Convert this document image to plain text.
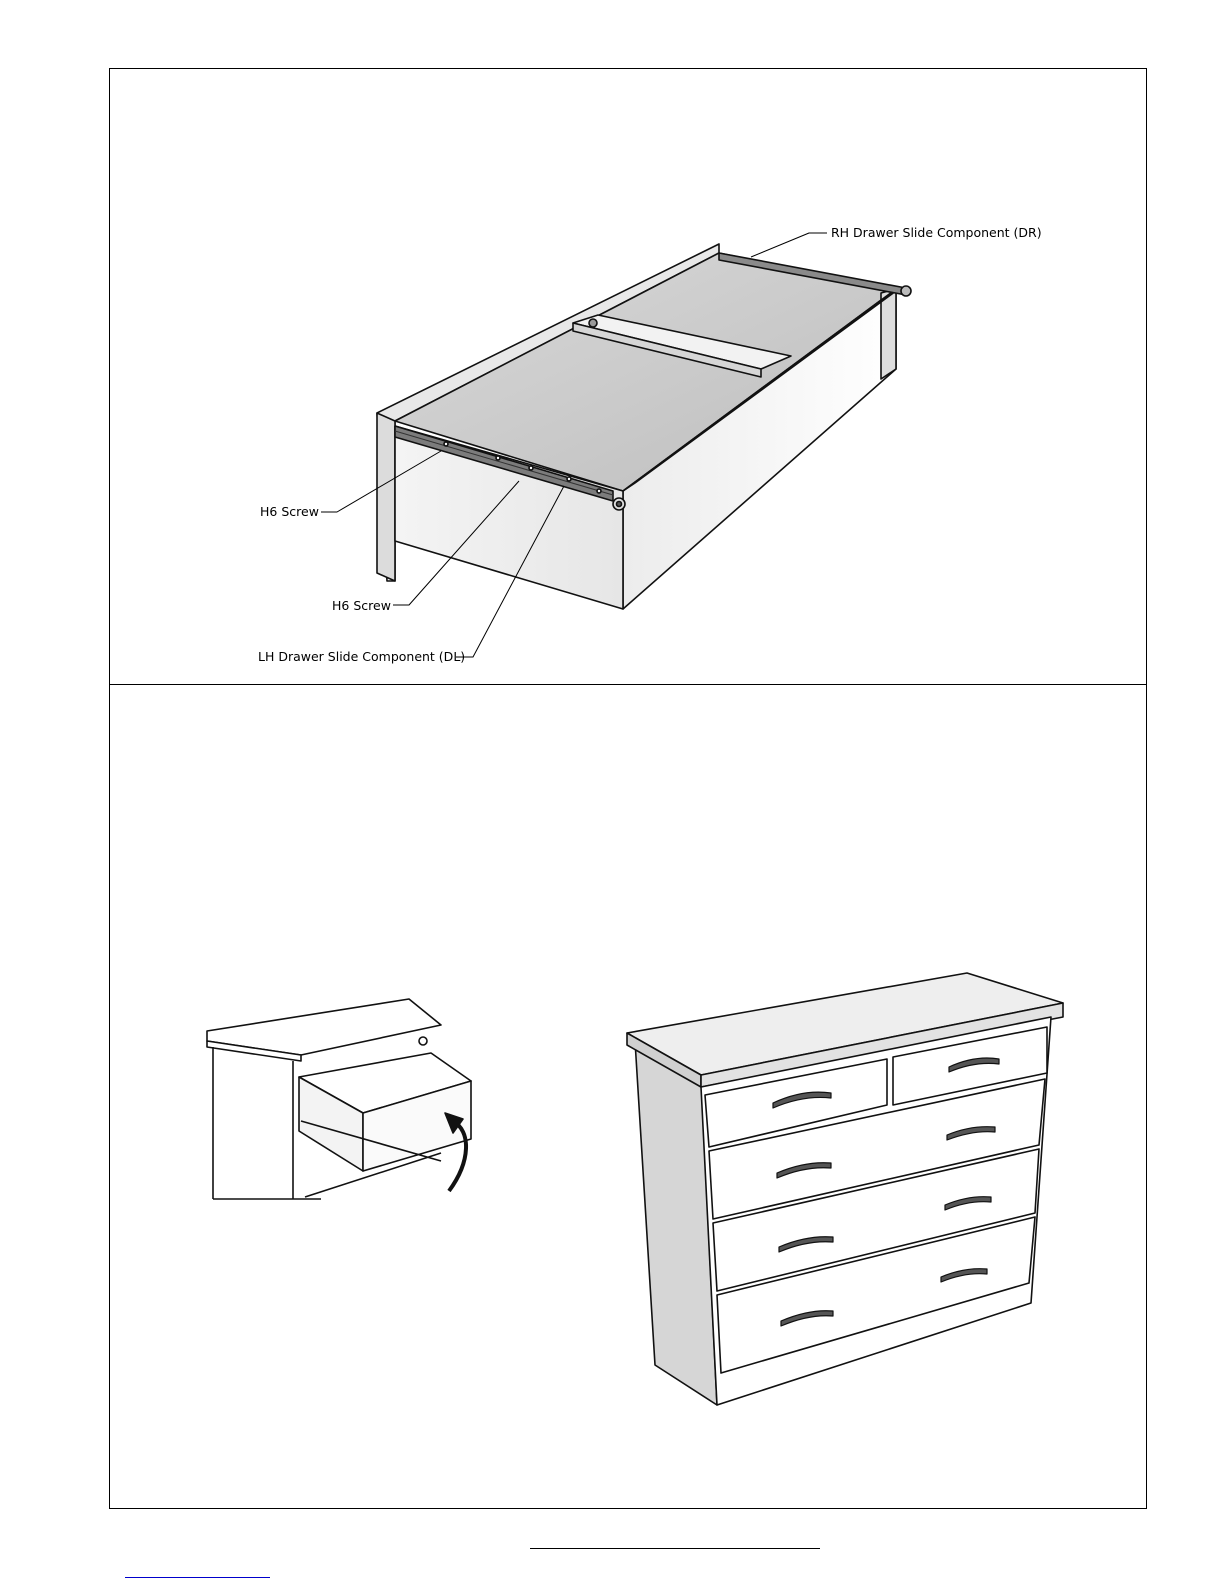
RH Drawer Slide Component (DR)
H6 Screw
H6 Screw
LH Drawer Slide Component (DL)
